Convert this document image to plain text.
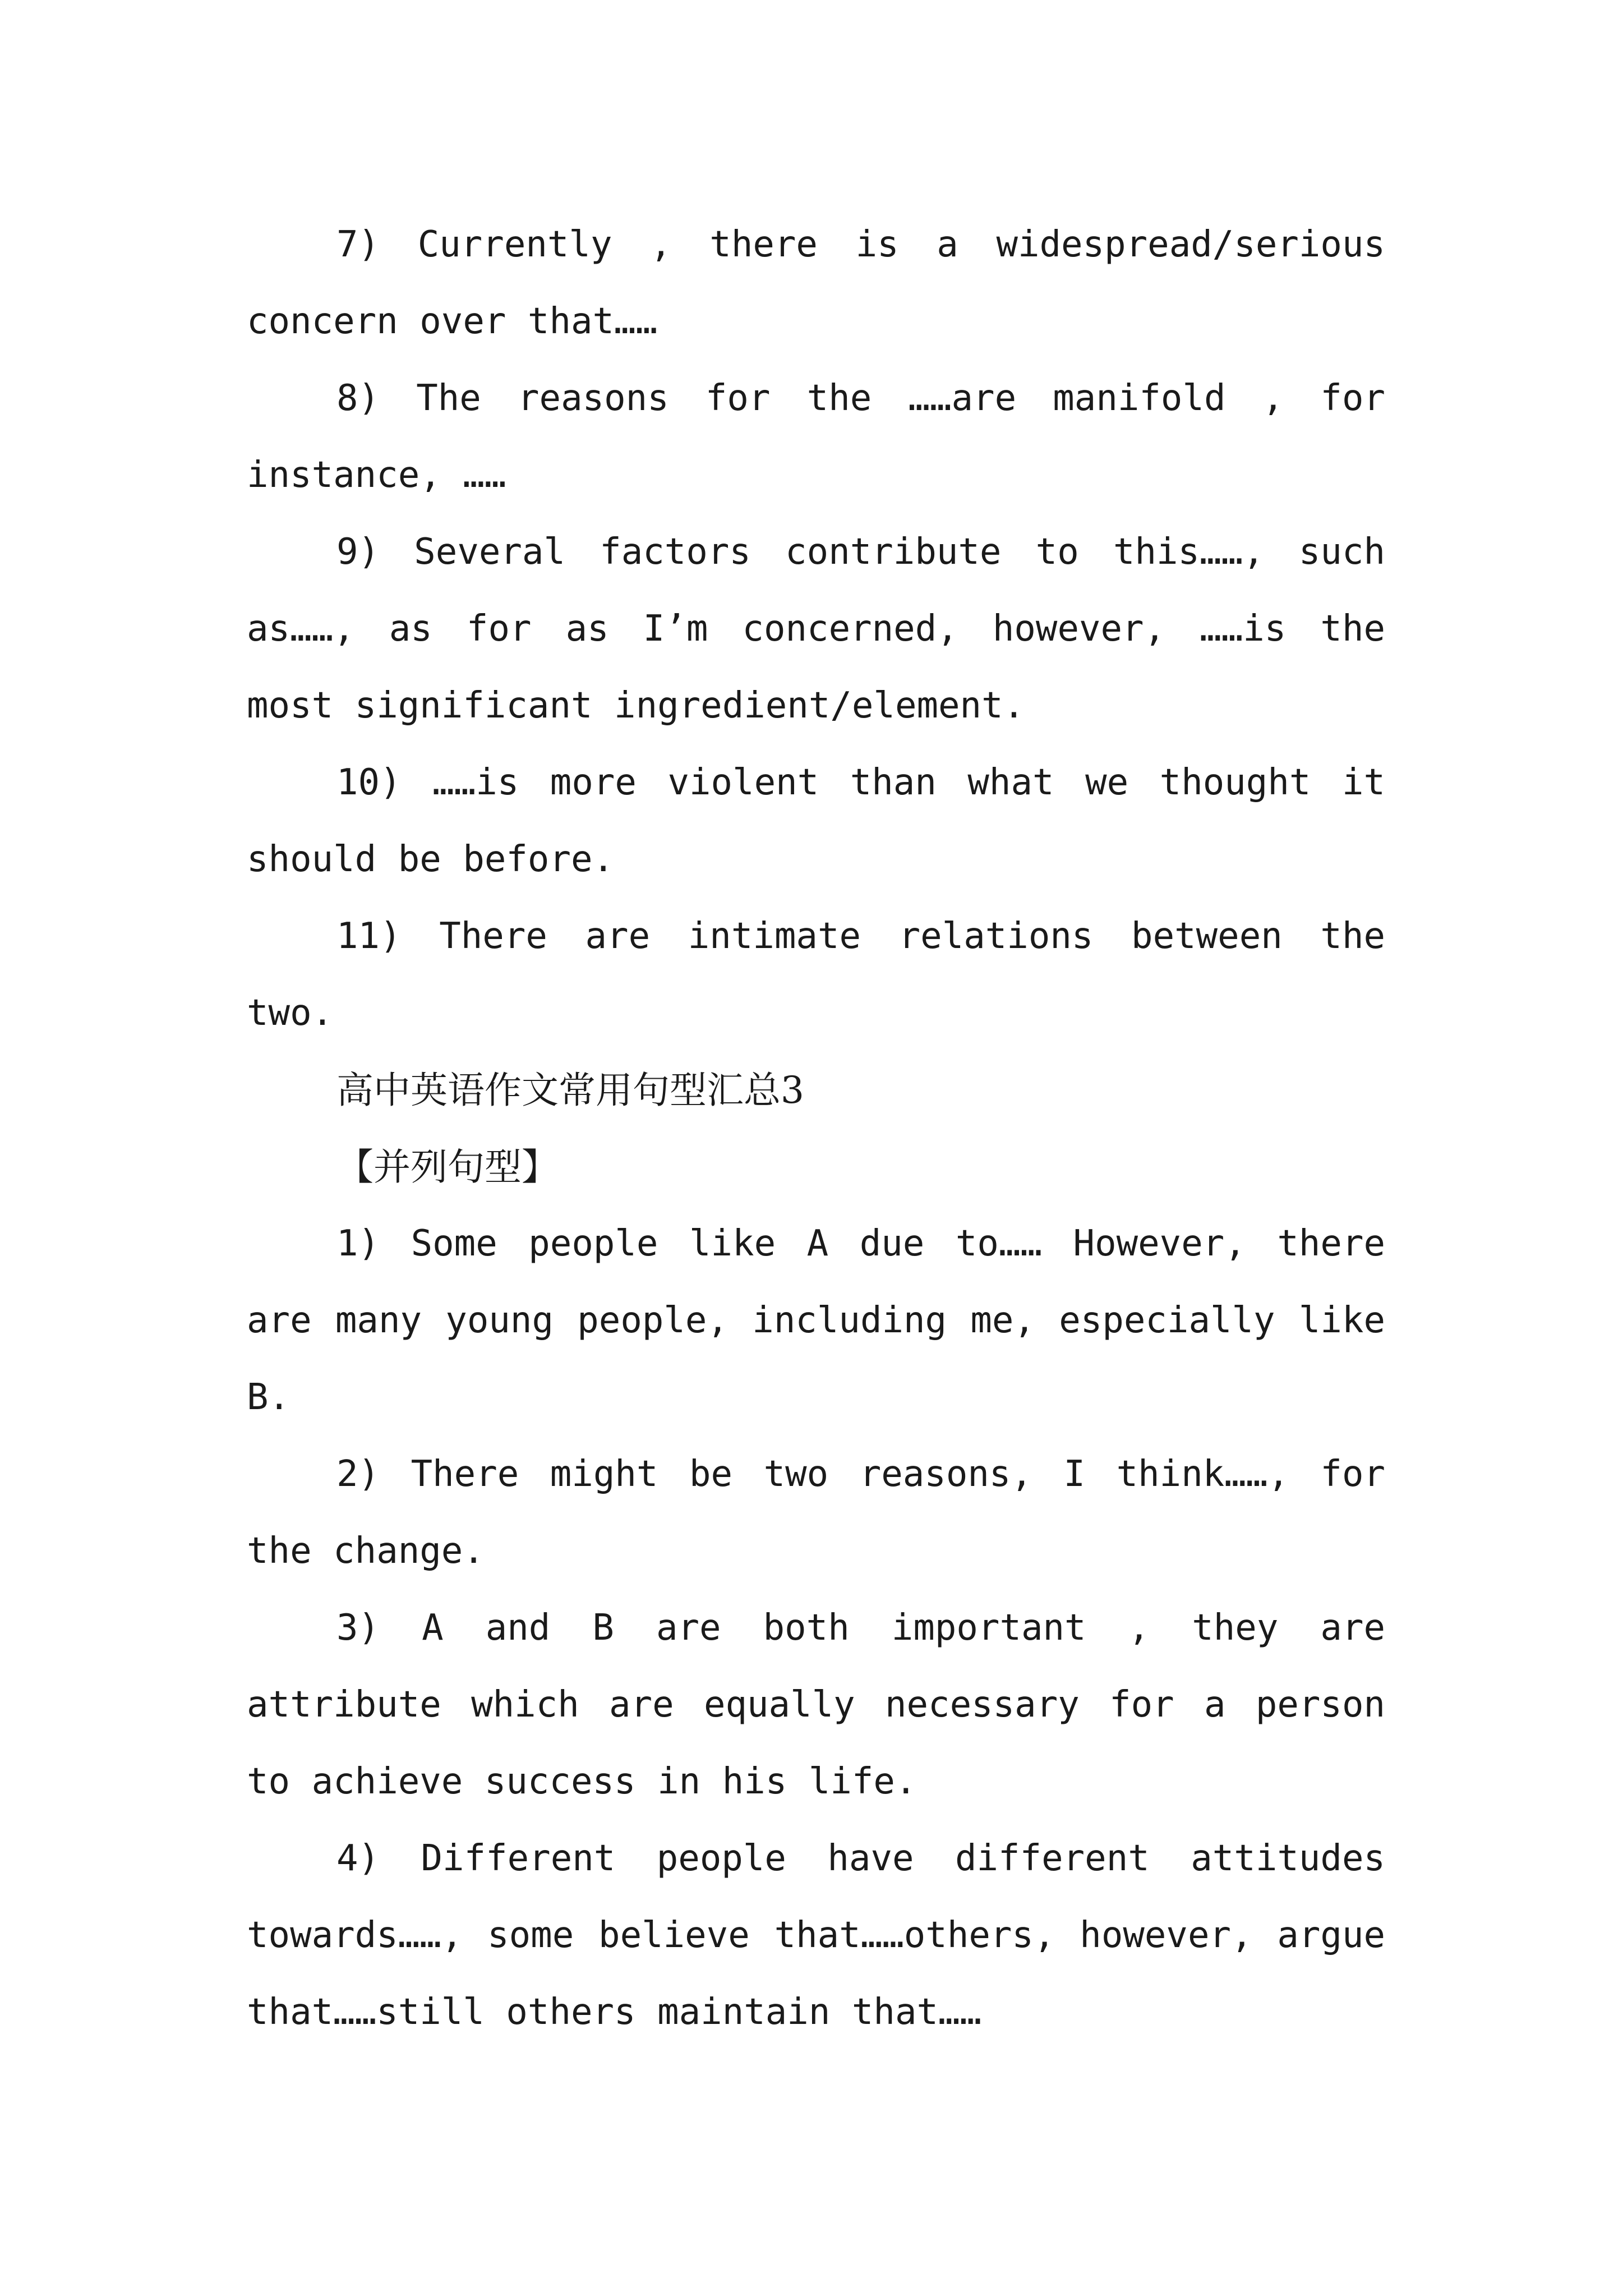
7) Currently , there is a widespread/serious concern over that……

8) The reasons for the ……are manifold , for instance, ……

9) Several factors contribute to this……, such as……, as for as I’m concerned, however, ……is the most significant ingredient/element.

10) ……is more violent than what we thought it should be before.

11) There are intimate relations between the two.

高中英语作文常用句型汇总3

【并列句型】

1) Some people like A due to…… However, there are many young people, including me, especially like B.

2) There might be two reasons, I think……, for the change.

3) A and B are both important , they are attribute which are equally necessary for a person to achieve success in his life.

4) Different people have different attitudes towards……, some believe that……others, however, argue that……still others maintain that……
